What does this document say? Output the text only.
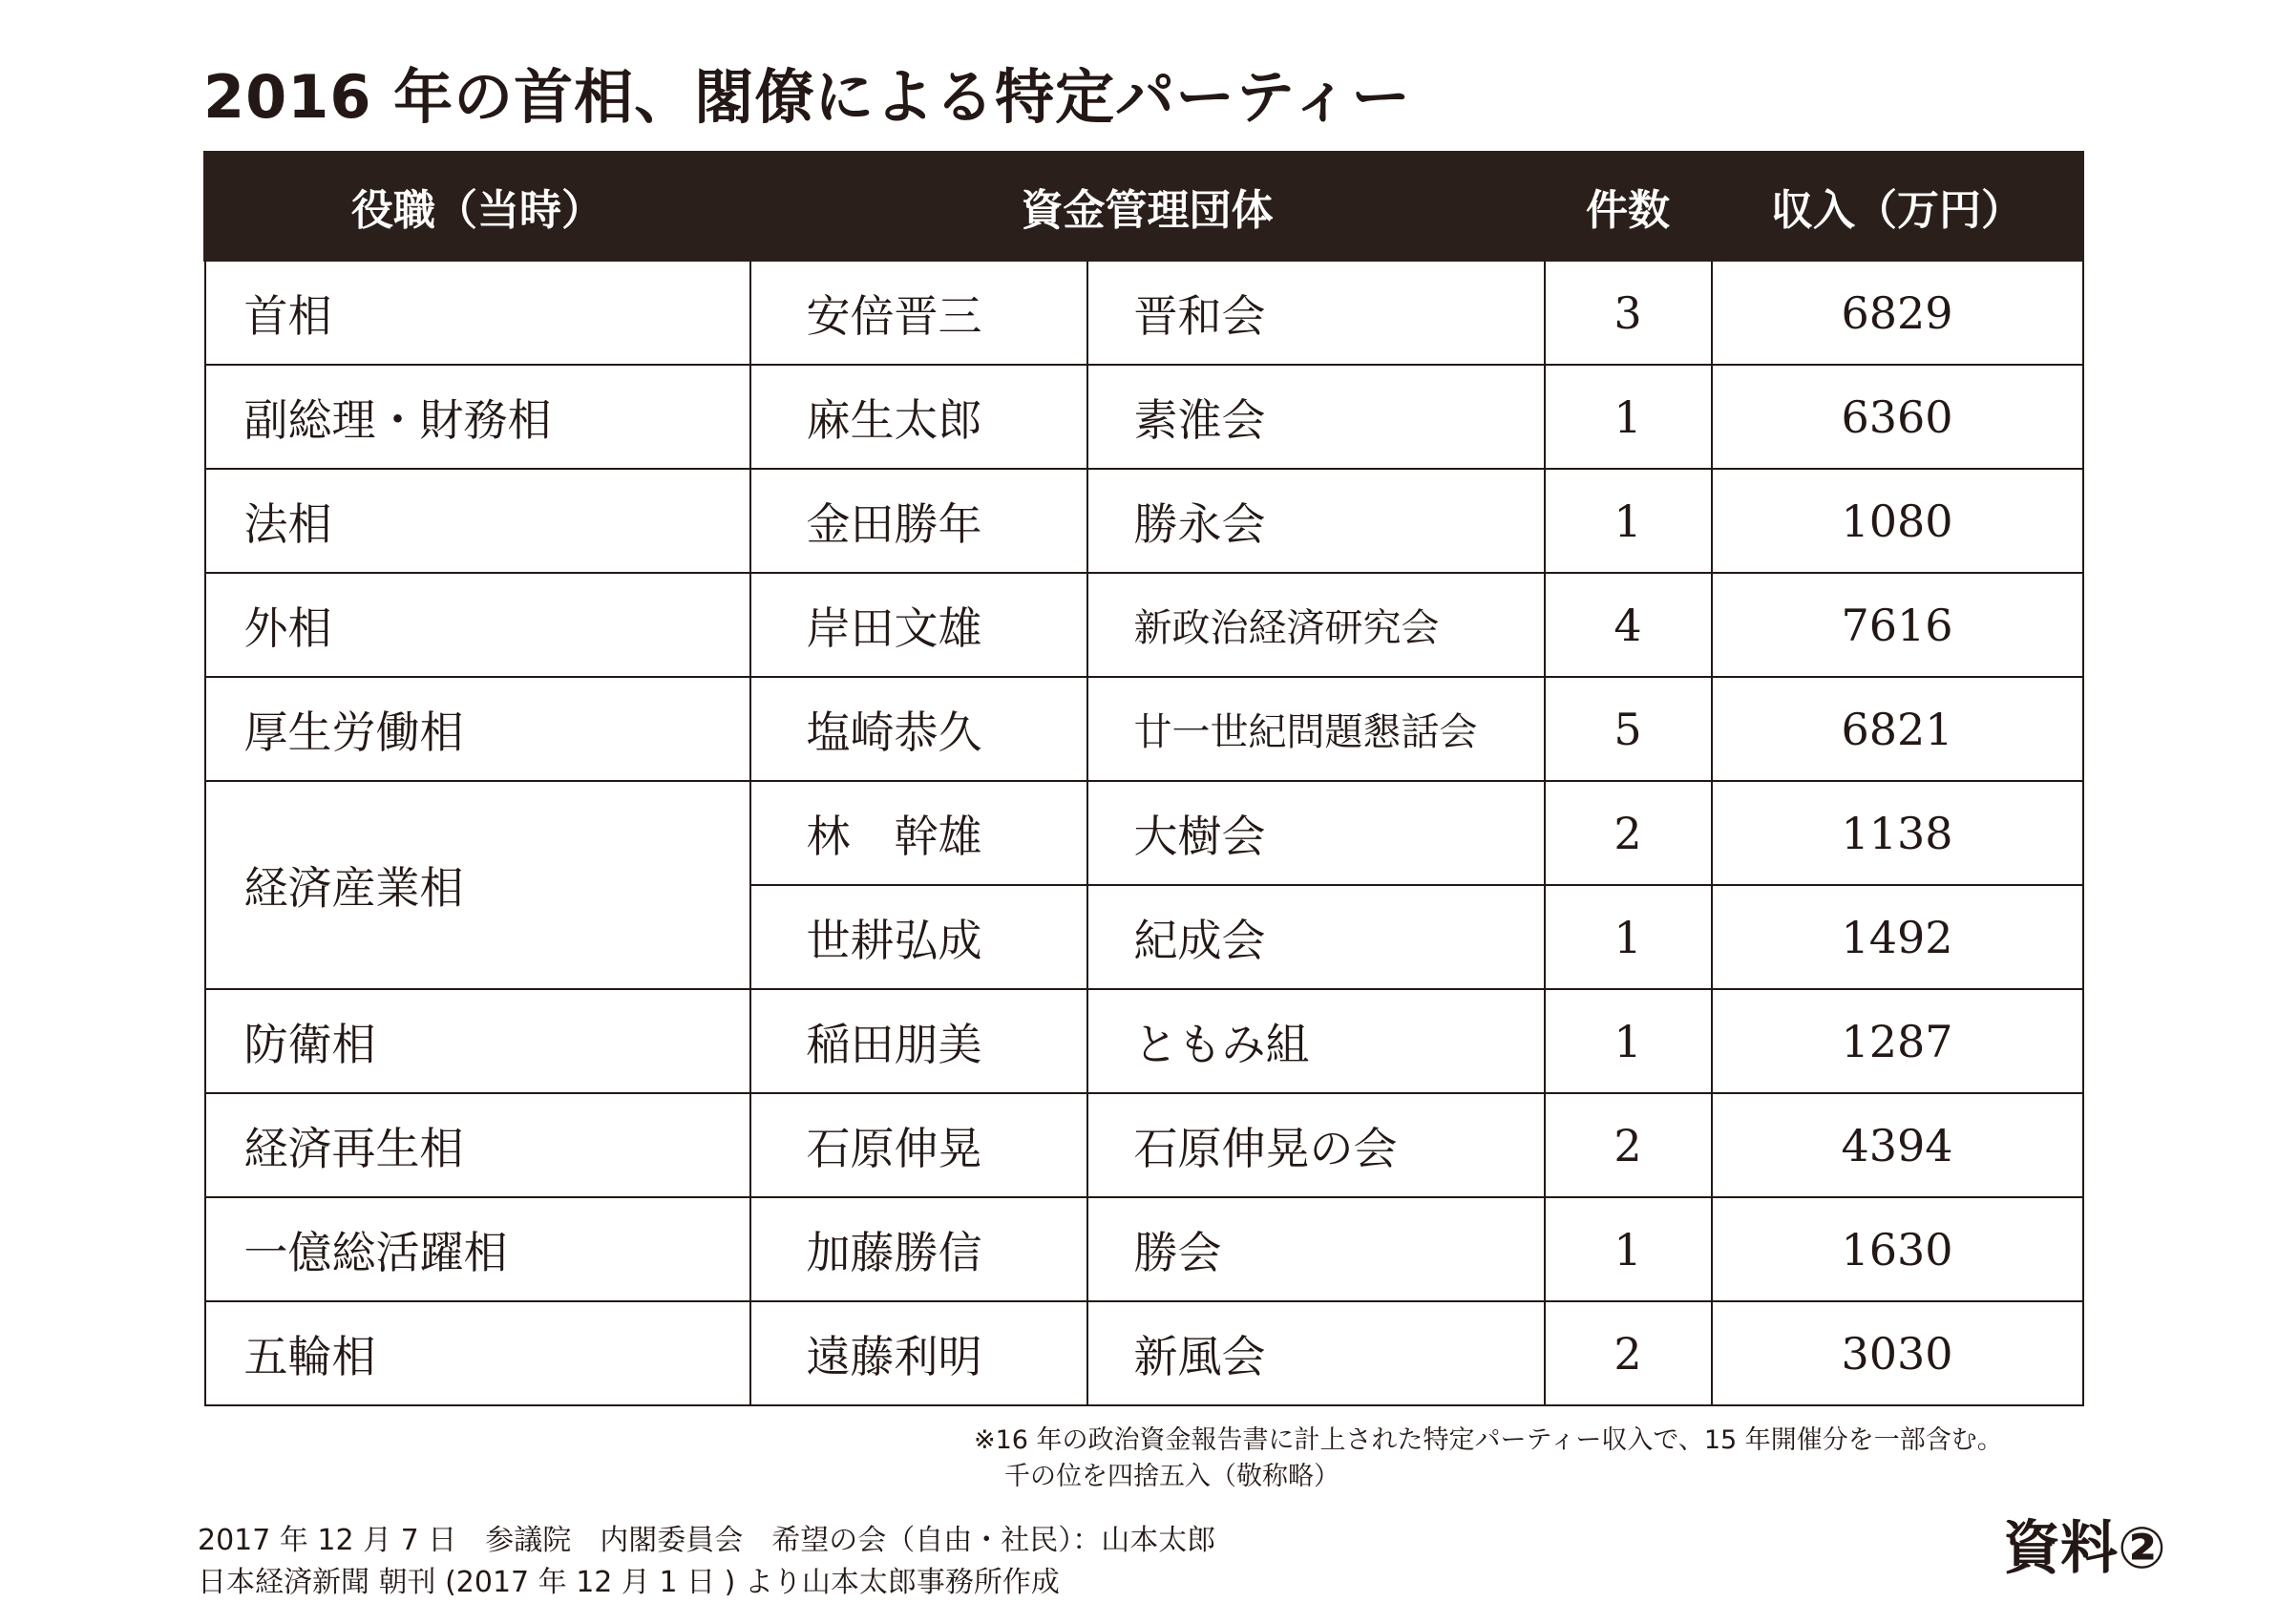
2016 年の首相、閣僚による特定パーティー
役職（当時）	資金管理団体		件数	収入（万円）
首相	安倍晋三	晋和会	3	6829
副総理・財務相	麻生太郎	素淮会	1	6360
法相	金田勝年	勝永会	1	1080
外相	岸田文雄	新政治経済研究会	4	7616
厚生労働相	塩崎恭久	廿一世紀問題懇話会	5	6821
経済産業相	林　幹雄	大樹会	2	1138
	世耕弘成	紀成会	1	1492
防衛相	稲田朋美	ともみ組	1	1287
経済再生相	石原伸晃	石原伸晃の会	2	4394
一億総活躍相	加藤勝信	勝会	1	1630
五輪相	遠藤利明	新風会	2	3030
※16 年の政治資金報告書に計上された特定パーティー収入で、15 年開催分を一部含む。
千の位を四捨五入（敬称略）
2017 年 12 月 7 日　参議院　内閣委員会　希望の会（自由・社民）：山本太郎
日本経済新聞 朝刊 (2017 年 12 月 1 日 ) より山本太郎事務所作成
資料②
